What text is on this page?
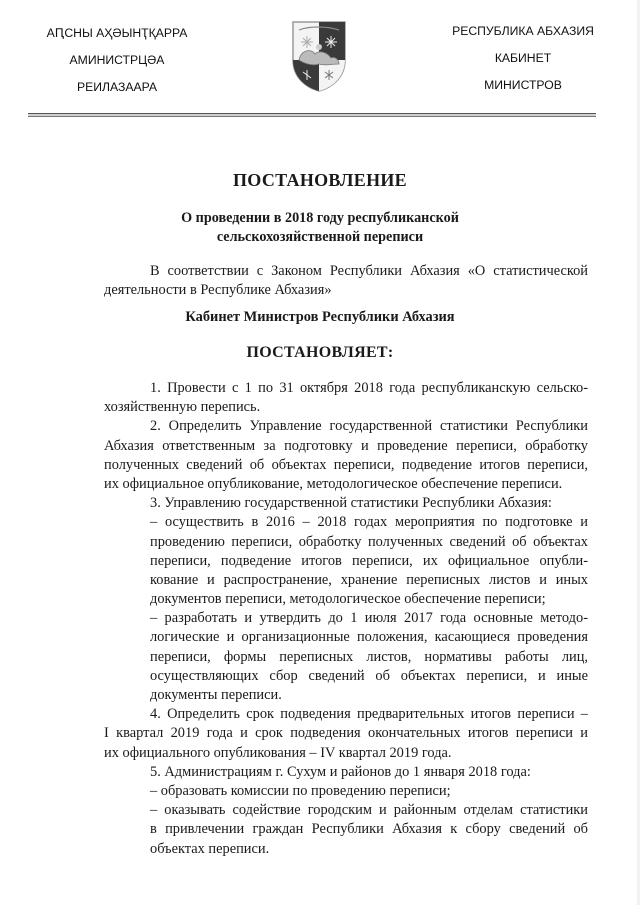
АԤСНЫ АҲӘЫНҬҚАРРА
АМИНИСТРЦӘА
РЕИЛАЗААРА
РЕСПУБЛИКА АБХАЗИЯ
КАБИНЕТ
МИНИСТРОВ
ПОСТАНОВЛЕНИЕ
О проведении в 2018 году республиканской
сельскохозяйственной переписи
В соответствии с Законом Республики Абхазия «О статистической
деятельности в Республике Абхазия»
Кабинет Министров Республики Абхазия
ПОСТАНОВЛЯЕТ:
1. Провести с 1 по 31 октября 2018 года республиканскую сельско-
хозяйственную перепись.
2. Определить Управление государственной статистики Республики
Абхазия ответственным за подготовку и проведение переписи, обработку
полученных сведений об объектах переписи, подведение итогов переписи,
их официальное опубликование, методологическое обеспечение переписи.
3. Управлению государственной статистики Республики Абхазия:
– осуществить в 2016 – 2018 годах мероприятия по подготовке и
проведению переписи, обработку полученных сведений об объектах
переписи, подведение итогов переписи, их официальное опубли-
кование и распространение, хранение переписных листов и иных
документов переписи, методологическое обеспечение переписи;
– разработать и утвердить до 1 июля 2017 года основные методо-
логические и организационные положения, касающиеся проведения
переписи, формы переписных листов, нормативы работы лиц,
осуществляющих сбор сведений об объектах переписи, и иные
документы переписи.
4. Определить срок подведения предварительных итогов переписи –
I квартал 2019 года и срок подведения окончательных итогов переписи и
их официального опубликования – IV квартал 2019 года.
5. Администрациям г. Сухум и районов до 1 января 2018 года:
– образовать комиссии по проведению переписи;
– оказывать содействие городским и районным отделам статистики
в привлечении граждан Республики Абхазия к сбору сведений об
объектах переписи.
